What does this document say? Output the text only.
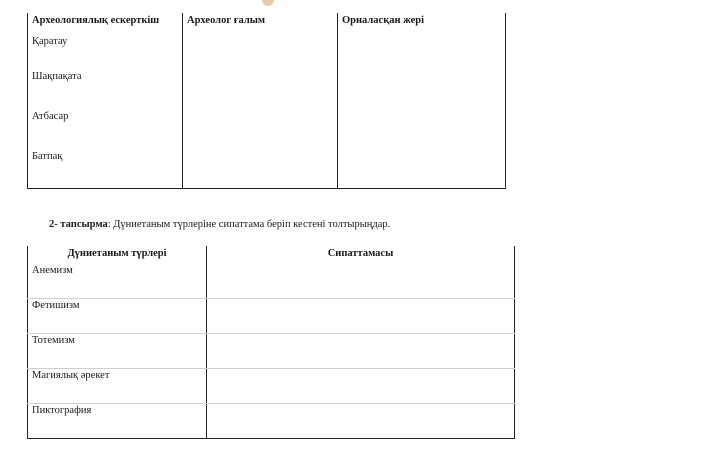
Археологиялық ескерткіш	Археолог ғалым	Орналасқан жері
Қаратау		
Шақпақата		
Атбасар		
Батпақ		
2- тапсырма: Дүниетаным түрлеріне сипаттама беріп кестені толтырыңдар.
Дүниетаным түрлері	Сипаттамасы
Анемизм	
Фетишизм	
Тотемизм	
Магиялық әрекет	
Пиктография	
